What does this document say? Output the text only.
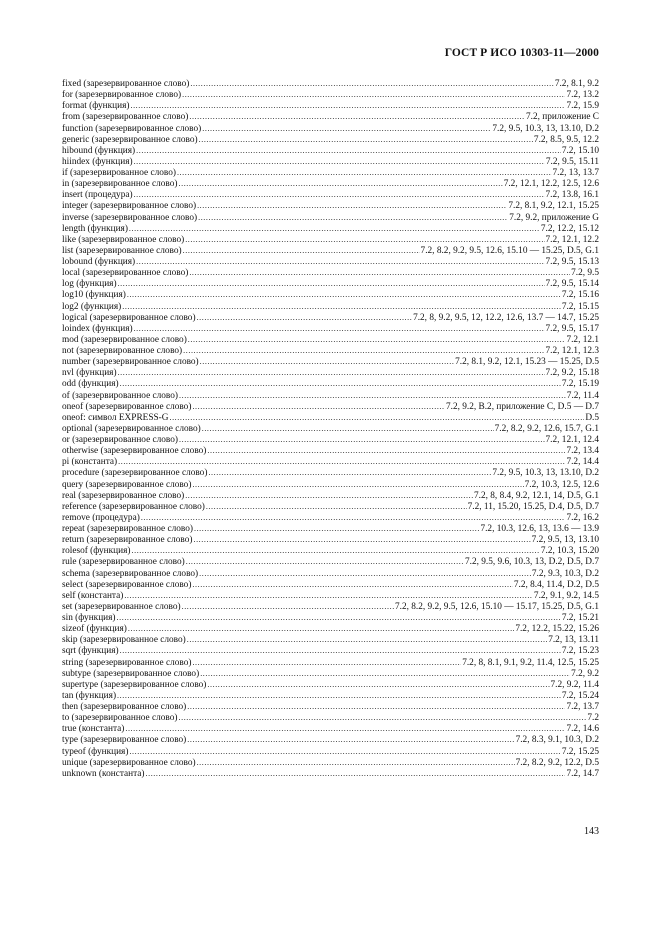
ГОСТ Р ИСО 10303-11—2000
fixed (зарезервированное слово) .....	7.2, 8.1, 9.2
for (зарезервированное слово) .....	7.2, 13.2
format (функция) .....	7.2, 15.9
from (зарезервированное слово) .....	7.2, приложение С
function (зарезервированное слово) .....	7.2, 9.5, 10.3, 13, 13.10, D.2
generic (зарезервированное слово) .....	7.2, 8.5, 9.5, 12.2
hibound (функция) .....	7.2, 15.10
hiindex (функция) .....	7.2, 9.5, 15.11
if (зарезервированное слово) .....	7.2, 13, 13.7
in (зарезервированное слово) .....	7.2, 12.1, 12.2, 12.5, 12.6
insert (процедура) .....	7.2, 13.8, 16.1
integer (зарезервированное слово) .....	7.2, 8.1, 9.2, 12.1, 15.25
inverse (зарезервированное слово) .....	7.2, 9.2, приложение G
length (функция) .....	7.2, 12.2, 15.12
like (зарезервированное слово) .....	7.2, 12.1, 12.2
list (зарезервированное слово) .....	7.2, 8.2, 9.2, 9.5, 12.6, 15.10 — 15.25, D.5, G.1
lobound (функция) .....	7.2, 9.5, 15.13
local (зарезервированное слово) .....	7.2, 9.5
log (функция) .....	7.2, 9.5, 15.14
log10 (функция) .....	7.2, 15.16
log2 (функция) .....	7.2, 15.15
logical (зарезервированное слово) .....	7.2, 8, 9.2, 9.5, 12, 12.2, 12.6, 13.7 — 14.7, 15.25
loindex (функция) .....	7.2, 9.5, 15.17
mod (зарезервированное слово) .....	7.2, 12.1
not (зарезервированное слово) .....	7.2, 12.1, 12.3
number (зарезервированное слово) .....	7.2, 8.1, 9.2, 12.1, 15.23 — 15.25, D.5
nvl (функция) .....	7.2, 9.2, 15.18
odd (функция) .....	7.2, 15.19
of (зарезервированное слово) .....	7.2, 11.4
oneof (зарезервированное слово) .....	7.2, 9.2, B.2, приложение С, D.5 — D.7
oneof: символ EXPRESS-G .....	D.5
optional (зарезервированное слово) .....	7.2, 8.2, 9.2, 12.6, 15.7, G.1
or (зарезервированное слово) .....	7.2, 12.1, 12.4
otherwise (зарезервированное слово) .....	7.2, 13.4
pi (константа) .....	7.2, 14.4
procedure (зарезервированное слово) .....	7.2, 9.5, 10.3, 13, 13.10, D.2
query (зарезервированное слово) .....	7.2, 10.3, 12.5, 12.6
real (зарезервированное слово) .....	7.2, 8, 8.4, 9.2, 12.1, 14, D.5, G.1
reference (зарезервированное слово) .....	7.2, 11, 15.20, 15.25, D.4, D.5, D.7
remove (процедура) .....	7.2, 16.2
repeat (зарезервированное слово) .....	7.2, 10.3, 12.6, 13, 13.6 — 13.9
return (зарезервированное слово) .....	7.2, 9.5, 13, 13.10
rolesof (функция) .....	7.2, 10.3, 15.20
rule (зарезервированное слово) .....	7.2, 9.5, 9.6, 10.3, 13, D.2, D.5, D.7
schema (зарезервированное слово) .....	7.2, 9.3, 10.3, D.2
select (зарезервированное слово) .....	7.2, 8.4, 11.4, D.2, D.5
self (константа) .....	7.2, 9.1, 9.2, 14.5
set (зарезервированное слово) .....	7.2, 8.2, 9.2, 9.5, 12.6, 15.10 — 15.17, 15.25, D.5, G.1
sin (функция) .....	7.2, 15.21
sizeof (функция) .....	7.2, 12.2, 15.22, 15.26
skip (зарезервированное слово) .....	7.2, 13, 13.11
sqrt (функция) .....	7.2, 15.23
string (зарезервированное слово) .....	7.2, 8, 8.1, 9.1, 9.2, 11.4, 12.5, 15.25
subtype (зарезервированное слово) .....	7.2, 9.2
supertype (зарезервированное слово) .....	7.2, 9.2, 11.4
tan (функция) .....	7.2, 15.24
then (зарезервированное слово) .....	7.2, 13.7
to (зарезервированное слово) .....	7.2
true (константа) .....	7.2, 14.6
type (зарезервированное слово) .....	7.2, 8.3, 9.1, 10.3, D.2
typeof (функция) .....	7.2, 15.25
unique (зарезервированное слово) .....	7.2, 8.2, 9.2, 12.2, D.5
unknown (константа) .....	7.2, 14.7
143
